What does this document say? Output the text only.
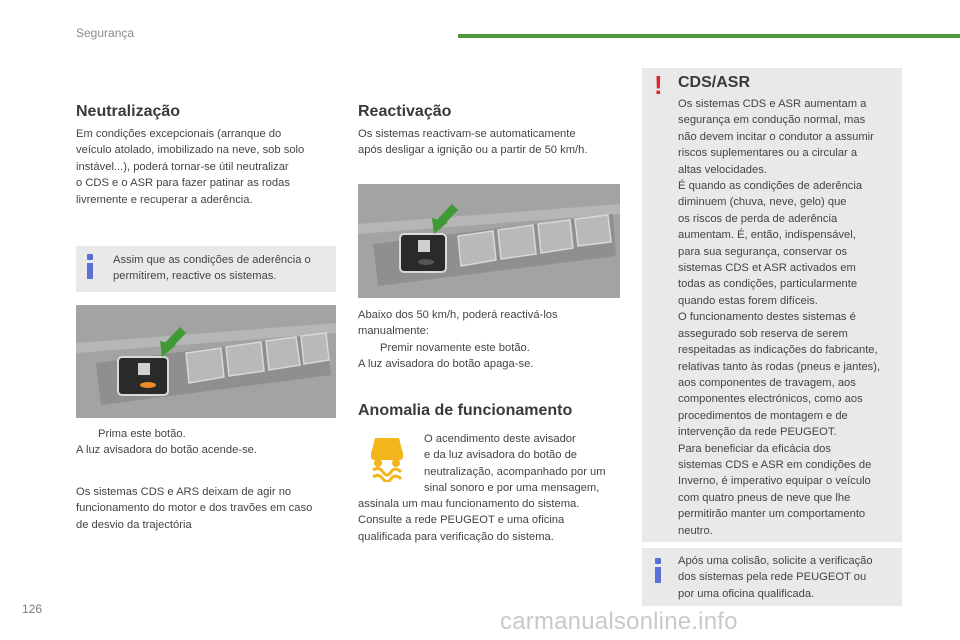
Segurança
Neutralização

Em condições excepcionais (arranque do

veículo atolado, imobilizado na neve, sob solo

instável...), poderá tornar-se útil neutralizar

o CDS e o ASR para fazer patinar as rodas

livremente e recuperar a aderência.

Assim que as condições de aderência o

permitirem, reactive os sistemas.

Prima este botão.

A luz avisadora do botão acende-se.

Os sistemas CDS e ARS deixam de agir no

funcionamento do motor e dos travões em caso

de desvio da trajectória

Reactivação

Os sistemas reactivam-se automaticamente

após desligar a ignição ou a partir de 50 km/h.

Abaixo dos 50 km/h, poderá reactivá-los

manualmente:

Premir novamente este botão.

A luz avisadora do botão apaga-se.

Anomalia de funcionamento

O acendimento deste avisador

e da luz avisadora do botão de

neutralização, acompanhado por um

sinal sonoro e por uma mensagem,

assinala um mau funcionamento do sistema.

Consulte a rede PEUGEOT e uma oficina

qualificada para verificação do sistema.

! CDS/ASR

Os sistemas CDS e ASR aumentam a

segurança em condução normal, mas

não devem incitar o condutor a assumir

riscos suplementares ou a circular a

altas velocidades.

É quando as condições de aderência

diminuem (chuva, neve, gelo) que

os riscos de perda de aderência

aumentam. É, então, indispensável,

para sua segurança, conservar os

sistemas CDS et ASR activados em

todas as condições, particularmente

quando estas forem difíceis.

O funcionamento destes sistemas é

assegurado sob reserva de serem

respeitadas as indicações do fabricante,

relativas tanto às rodas (pneus e jantes),

aos componentes de travagem, aos

componentes electrónicos, como aos

procedimentos de montagem e de

intervenção da rede PEUGEOT.

Para beneficiar da eficácia dos

sistemas CDS e ASR em condições de

Inverno, é imperativo equipar o veículo

com quatro pneus de neve que lhe

permitirão manter um comportamento

neutro.

Após uma colisão, solicite a verificação

dos sistemas pela rede PEUGEOT ou

por uma oficina qualificada.

126	carmanualsonline.info
